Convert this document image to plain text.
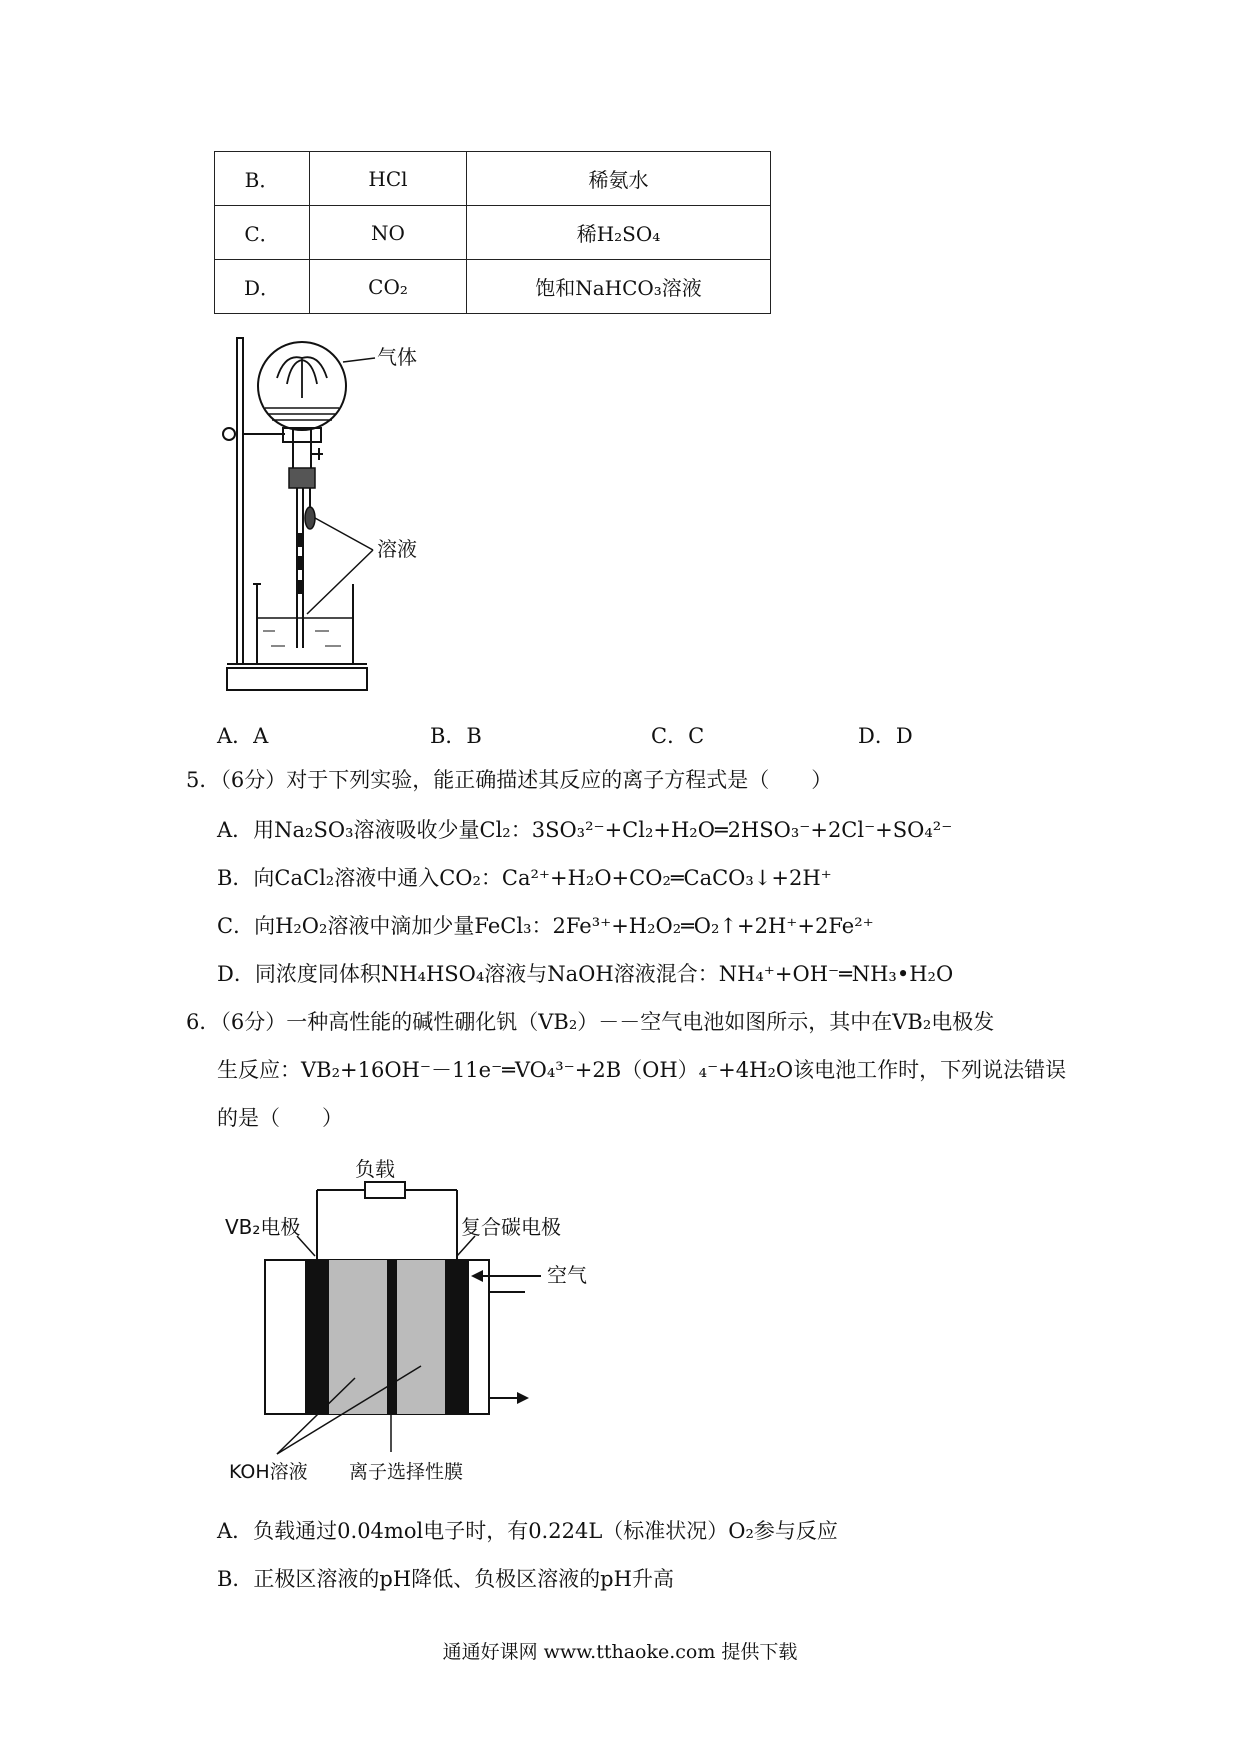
B．	HCl	稀氨水
C．	NO	稀H₂SO₄
D．	CO₂	饱和NaHCO₃溶液
气体
溶液
A．A	B．B	C．C	D．D
5．（6分）对于下列实验，能正确描述其反应的离子方程式是（　　）
A．用Na₂SO₃溶液吸收少量Cl₂：3SO₃²⁻+Cl₂+H₂O═2HSO₃⁻+2Cl⁻+SO₄²⁻
B．向CaCl₂溶液中通入CO₂：Ca²⁺+H₂O+CO₂═CaCO₃↓+2H⁺
C．向H₂O₂溶液中滴加少量FeCl₃：2Fe³⁺+H₂O₂═O₂↑+2H⁺+2Fe²⁺
D．同浓度同体积NH₄HSO₄溶液与NaOH溶液混合：NH₄⁺+OH⁻═NH₃•H₂O
6．（6分）一种高性能的碱性硼化钒（VB₂）－－空气电池如图所示，其中在VB₂电极发
生反应：VB₂+16OH⁻－11e⁻═VO₄³⁻+2B（OH）₄⁻+4H₂O该电池工作时，下列说法错误
的是（　　）
负载
VB₂电极	复合碳电极
空气
KOH溶液 离子选择性膜
A．负载通过0.04mol电子时，有0.224L（标准状况）O₂参与反应
B．正极区溶液的pH降低、负极区溶液的pH升高
通通好课网 www.tthaoke.com 提供下载
